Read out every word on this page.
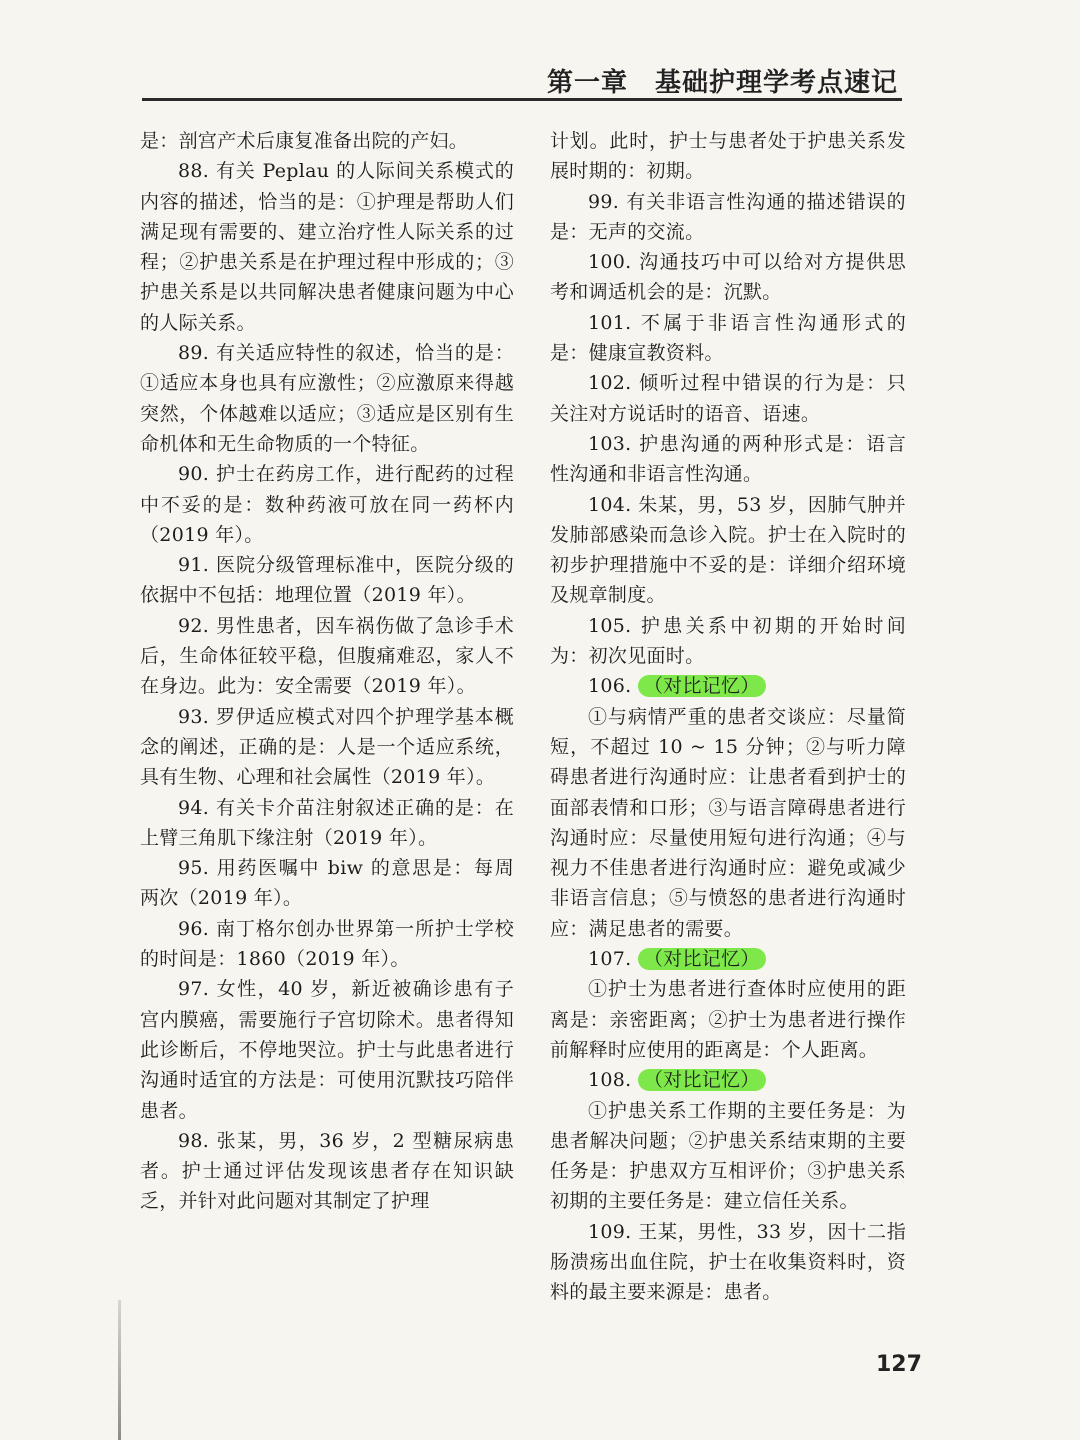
第一章　基础护理学考点速记

是：剖宫产术后康复准备出院的产妇。

88. 有关 Peplau 的人际间关系模式的内容的描述，恰当的是：①护理是帮助人们满足现有需要的、建立治疗性人际关系的过程；②护患关系是在护理过程中形成的；③护患关系是以共同解决患者健康问题为中心的人际关系。

89. 有关适应特性的叙述，恰当的是：①适应本身也具有应激性；②应激原来得越突然，个体越难以适应；③适应是区别有生命机体和无生命物质的一个特征。

90. 护士在药房工作，进行配药的过程中不妥的是：数种药液可放在同一药杯内（2019 年）。

91. 医院分级管理标准中，医院分级的依据中不包括：地理位置（2019 年）。

92. 男性患者，因车祸伤做了急诊手术后，生命体征较平稳，但腹痛难忍，家人不在身边。此为：安全需要（2019 年）。

93. 罗伊适应模式对四个护理学基本概念的阐述，正确的是：人是一个适应系统，具有生物、心理和社会属性（2019 年）。

94. 有关卡介苗注射叙述正确的是：在上臂三角肌下缘注射（2019 年）。

95. 用药医嘱中 biw 的意思是：每周两次（2019 年）。

96. 南丁格尔创办世界第一所护士学校的时间是：1860（2019 年）。

97. 女性，40 岁，新近被确诊患有子宫内膜癌，需要施行子宫切除术。患者得知此诊断后，不停地哭泣。护士与此患者进行沟通时适宜的方法是：可使用沉默技巧陪伴患者。

98. 张某，男，36 岁，2 型糖尿病患者。护士通过评估发现该患者存在知识缺乏，并针对此问题对其制定了护理

计划。此时，护士与患者处于护患关系发展时期的：初期。

99. 有关非语言性沟通的描述错误的是：无声的交流。

100. 沟通技巧中可以给对方提供思考和调适机会的是：沉默。

101. 不属于非语言性沟通形式的是：健康宣教资料。

102. 倾听过程中错误的行为是：只关注对方说话时的语音、语速。

103. 护患沟通的两种形式是：语言性沟通和非语言性沟通。

104. 朱某，男，53 岁，因肺气肿并发肺部感染而急诊入院。护士在入院时的初步护理措施中不妥的是：详细介绍环境及规章制度。

105. 护患关系中初期的开始时间为：初次见面时。

106. （对比记忆）

①与病情严重的患者交谈应：尽量简短，不超过 10 ~ 15 分钟；②与听力障碍患者进行沟通时应：让患者看到护士的面部表情和口形；③与语言障碍患者进行沟通时应：尽量使用短句进行沟通；④与视力不佳患者进行沟通时应：避免或减少非语言信息；⑤与愤怒的患者进行沟通时应：满足患者的需要。

107. （对比记忆）

①护士为患者进行查体时应使用的距离是：亲密距离；②护士为患者进行操作前解释时应使用的距离是：个人距离。

108. （对比记忆）

①护患关系工作期的主要任务是：为患者解决问题；②护患关系结束期的主要任务是：护患双方互相评价；③护患关系初期的主要任务是：建立信任关系。

109. 王某，男性，33 岁，因十二指肠溃疡出血住院，护士在收集资料时，资料的最主要来源是：患者。

127
